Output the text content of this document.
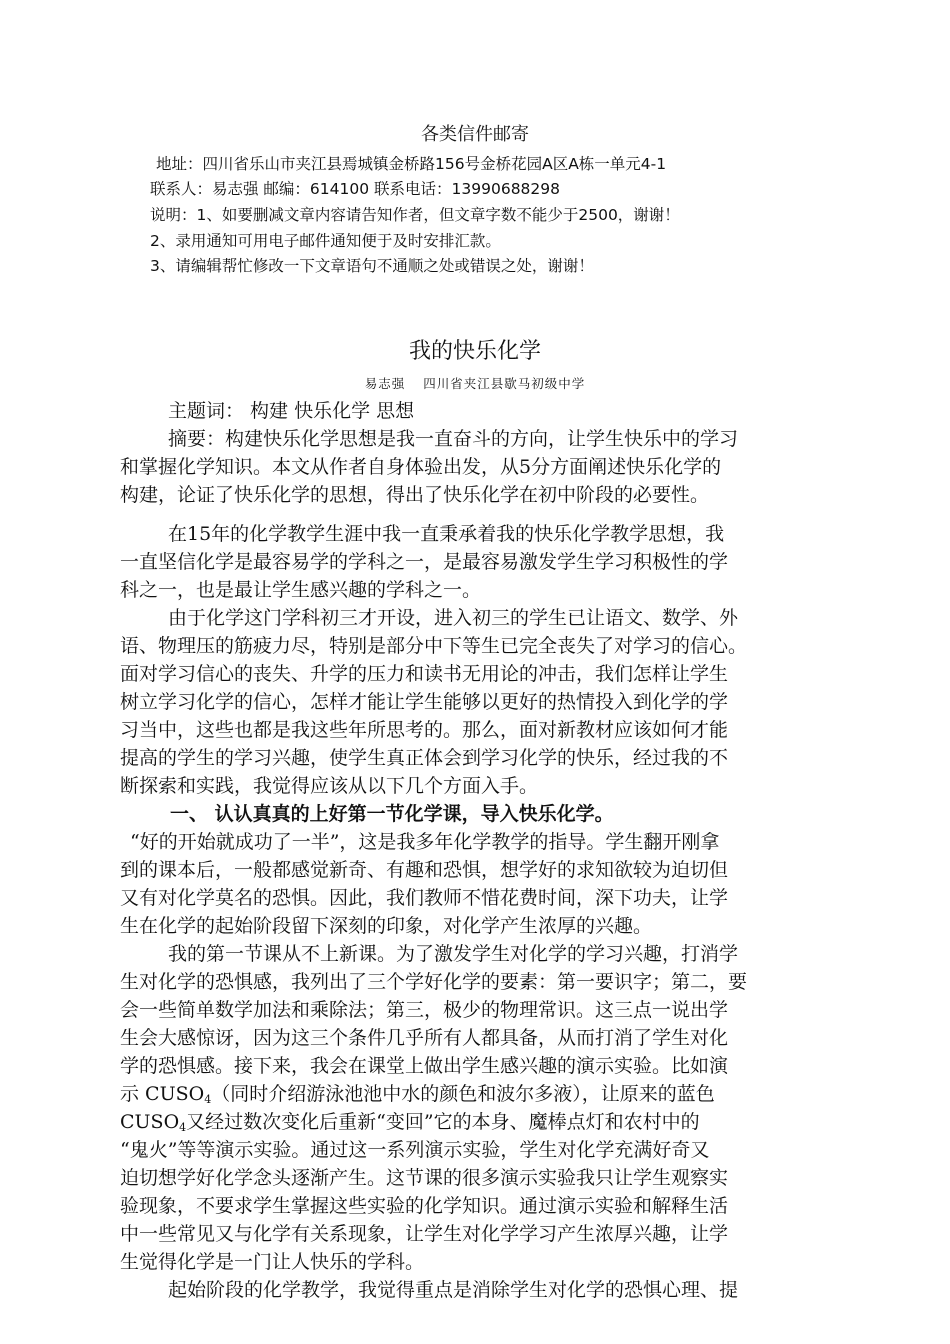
各类信件邮寄
地址：四川省乐山市夹江县焉城镇金桥路156号金桥花园A区A栋一单元4-1
联系人：易志强 邮编：614100 联系电话：13990688298
说明：1、如要删减文章内容请告知作者，但文章字数不能少于2500，谢谢！
2、录用通知可用电子邮件通知便于及时安排汇款。
3、请编辑帮忙修改一下文章语句不通顺之处或错误之处，谢谢！
我的快乐化学
易志强 四川省夹江县歇马初级中学
主题词： 构建 快乐化学 思想
摘要：构建快乐化学思想是我一直奋斗的方向，让学生快乐中的学习
和掌握化学知识。本文从作者自身体验出发，从5分方面阐述快乐化学的
构建，论证了快乐化学的思想，得出了快乐化学在初中阶段的必要性。
在15年的化学教学生涯中我一直秉承着我的快乐化学教学思想，我
一直坚信化学是最容易学的学科之一，是最容易激发学生学习积极性的学
科之一，也是最让学生感兴趣的学科之一。
由于化学这门学科初三才开设，进入初三的学生已让语文、数学、外
语、物理压的筋疲力尽，特别是部分中下等生已完全丧失了对学习的信心。
面对学习信心的丧失、升学的压力和读书无用论的冲击，我们怎样让学生
树立学习化学的信心，怎样才能让学生能够以更好的热情投入到化学的学
习当中，这些也都是我这些年所思考的。那么，面对新教材应该如何才能
提高的学生的学习兴趣，使学生真正体会到学习化学的快乐，经过我的不
断探索和实践，我觉得应该从以下几个方面入手。
一、 认认真真的上好第一节化学课，导入快乐化学。
“好的开始就成功了一半”，这是我多年化学教学的指导。学生翻开刚拿
到的课本后，一般都感觉新奇、有趣和恐惧，想学好的求知欲较为迫切但
又有对化学莫名的恐惧。因此，我们教师不惜花费时间，深下功夫，让学
生在化学的起始阶段留下深刻的印象，对化学产生浓厚的兴趣。
我的第一节课从不上新课。为了激发学生对化学的学习兴趣，打消学
生对化学的恐惧感，我列出了三个学好化学的要素：第一要识字；第二，要
会一些简单数学加法和乘除法；第三，极少的物理常识。这三点一说出学
生会大感惊讶，因为这三个条件几乎所有人都具备，从而打消了学生对化
学的恐惧感。接下来，我会在课堂上做出学生感兴趣的演示实验。比如演
示 $CUSO_4$（同时介绍游泳池池中水的颜色和波尔多液），让原来的蓝色
$CUSO_4$又经过数次变化后重新“变回”它的本身、魔棒点灯和农村中的
“鬼火”等等演示实验。通过这一系列演示实验，学生对化学充满好奇又
迫切想学好化学念头逐渐产生。这节课的很多演示实验我只让学生观察实
验现象，不要求学生掌握这些实验的化学知识。通过演示实验和解释生活
中一些常见又与化学有关系现象，让学生对化学学习产生浓厚兴趣，让学
生觉得化学是一门让人快乐的学科。
起始阶段的化学教学，我觉得重点是消除学生对化学的恐惧心理、提
